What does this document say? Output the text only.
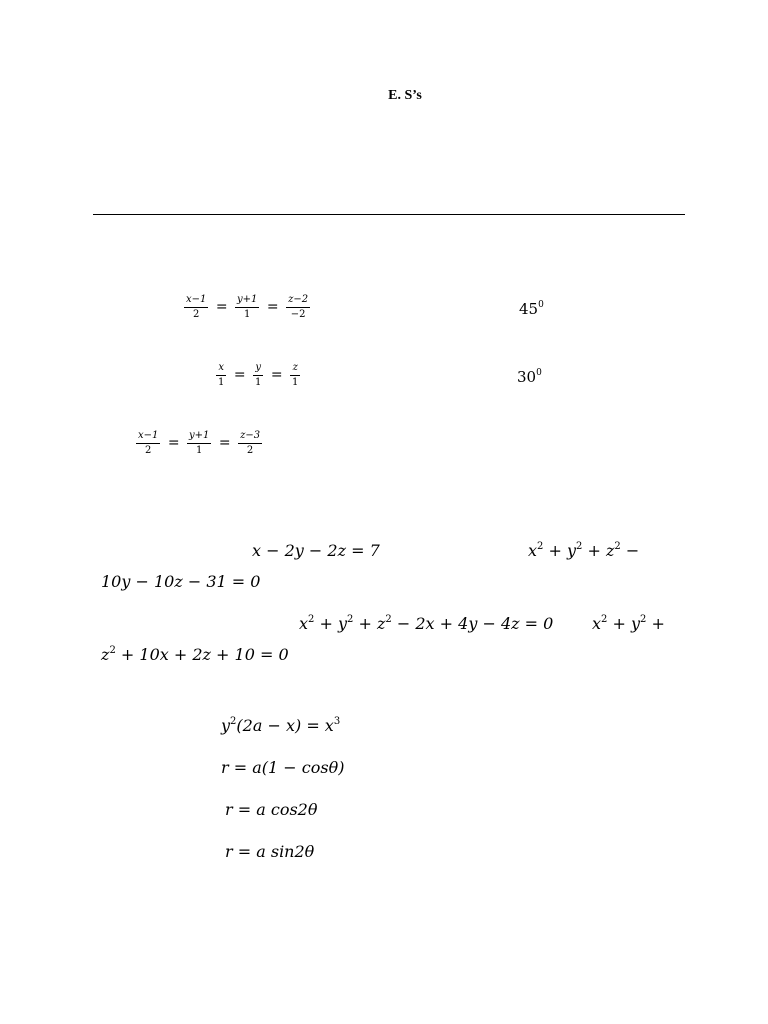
E. S’s
$\frac{x-1}{2} = \frac{y+1}{1} = \frac{z-2}{-2}$	$45^0$
$\frac{x}{1} = \frac{y}{1} = \frac{z}{1}$	$30^0$
$\frac{x-1}{2} = \frac{y+1}{1} = \frac{z-3}{2}$
x − 2y − 2z = 7	$x^2 + y^2 + z^2$ −
10y − 10z − 31 = 0
$x^2 + y^2 + z^2 - 2x + 4y - 4z = 0$ $x^2 + y^2$ +
$z^2 + 10x + 2z + 10 = 0$
$y^2(2a - x) = x^3$
r = a(1 − cosθ)
r = a cos2θ
r = a sin2θ
